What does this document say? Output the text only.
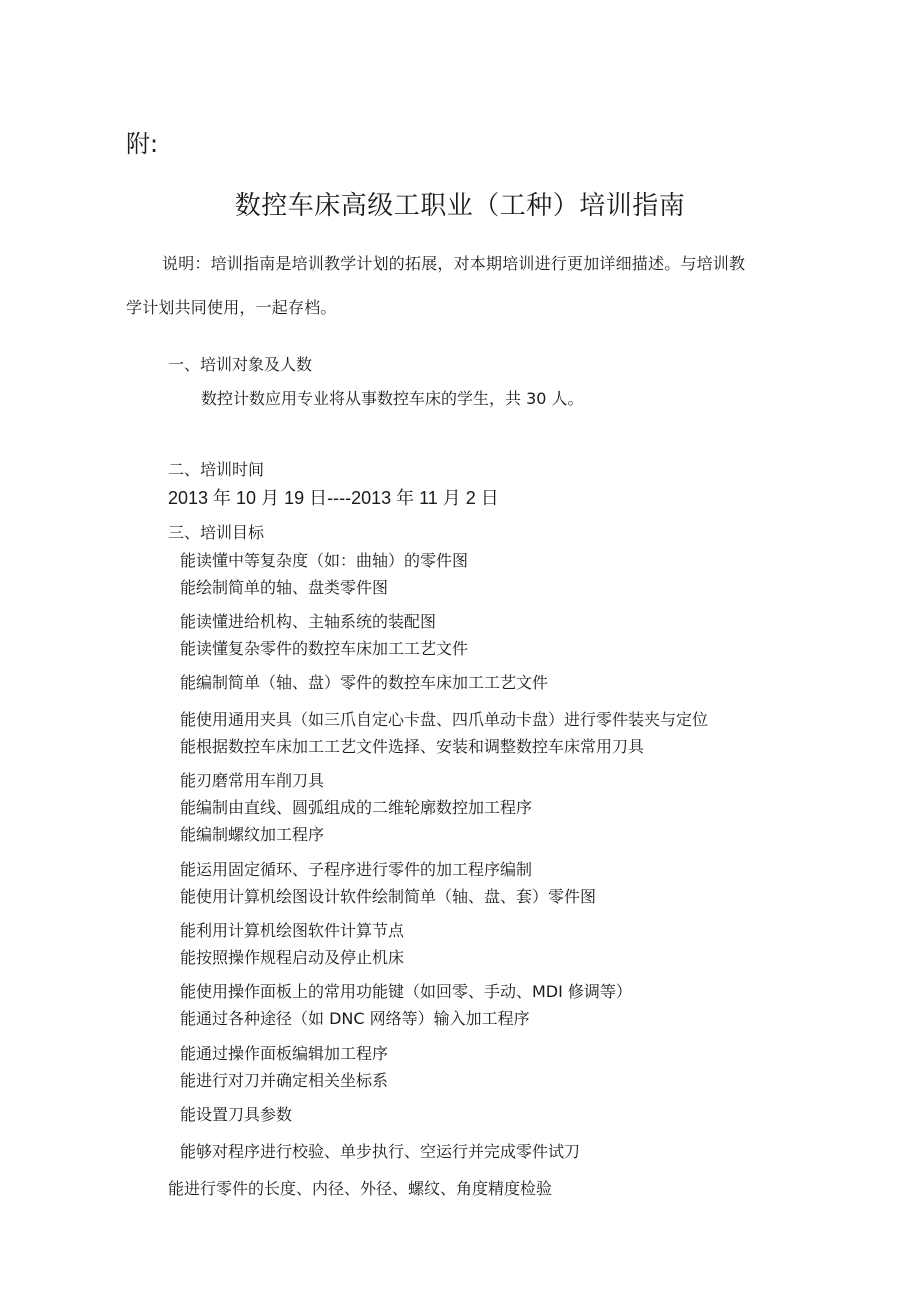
附:
数控车床高级工职业（工种）培训指南
说明：培训指南是培训教学计划的拓展，对本期培训进行更加详细描述。与培训教
学计划共同使用，一起存档。
一、培训对象及人数
数控计数应用专业将从事数控车床的学生，共 30 人。
二、培训时间
2013 年 10 月 19 日----2013 年 11 月 2 日
三、培训目标
能读懂中等复杂度（如：曲轴）的零件图
能绘制简单的轴、盘类零件图
能读懂进给机构、主轴系统的装配图
能读懂复杂零件的数控车床加工工艺文件
能编制简单（轴、盘）零件的数控车床加工工艺文件
能使用通用夹具（如三爪自定心卡盘、四爪单动卡盘）进行零件装夹与定位
能根据数控车床加工工艺文件选择、安装和调整数控车床常用刀具
能刃磨常用车削刀具
能编制由直线、圆弧组成的二维轮廓数控加工程序
能编制螺纹加工程序
能运用固定循环、子程序进行零件的加工程序编制
能使用计算机绘图设计软件绘制简单（轴、盘、套）零件图
能利用计算机绘图软件计算节点
能按照操作规程启动及停止机床
能使用操作面板上的常用功能键（如回零、手动、MDI 修调等）
能通过各种途径（如 DNC 网络等）输入加工程序
能通过操作面板编辑加工程序
能进行对刀并确定相关坐标系
能设置刀具参数
能够对程序进行校验、单步执行、空运行并完成零件试刀
能进行零件的长度、内径、外径、螺纹、角度精度检验
